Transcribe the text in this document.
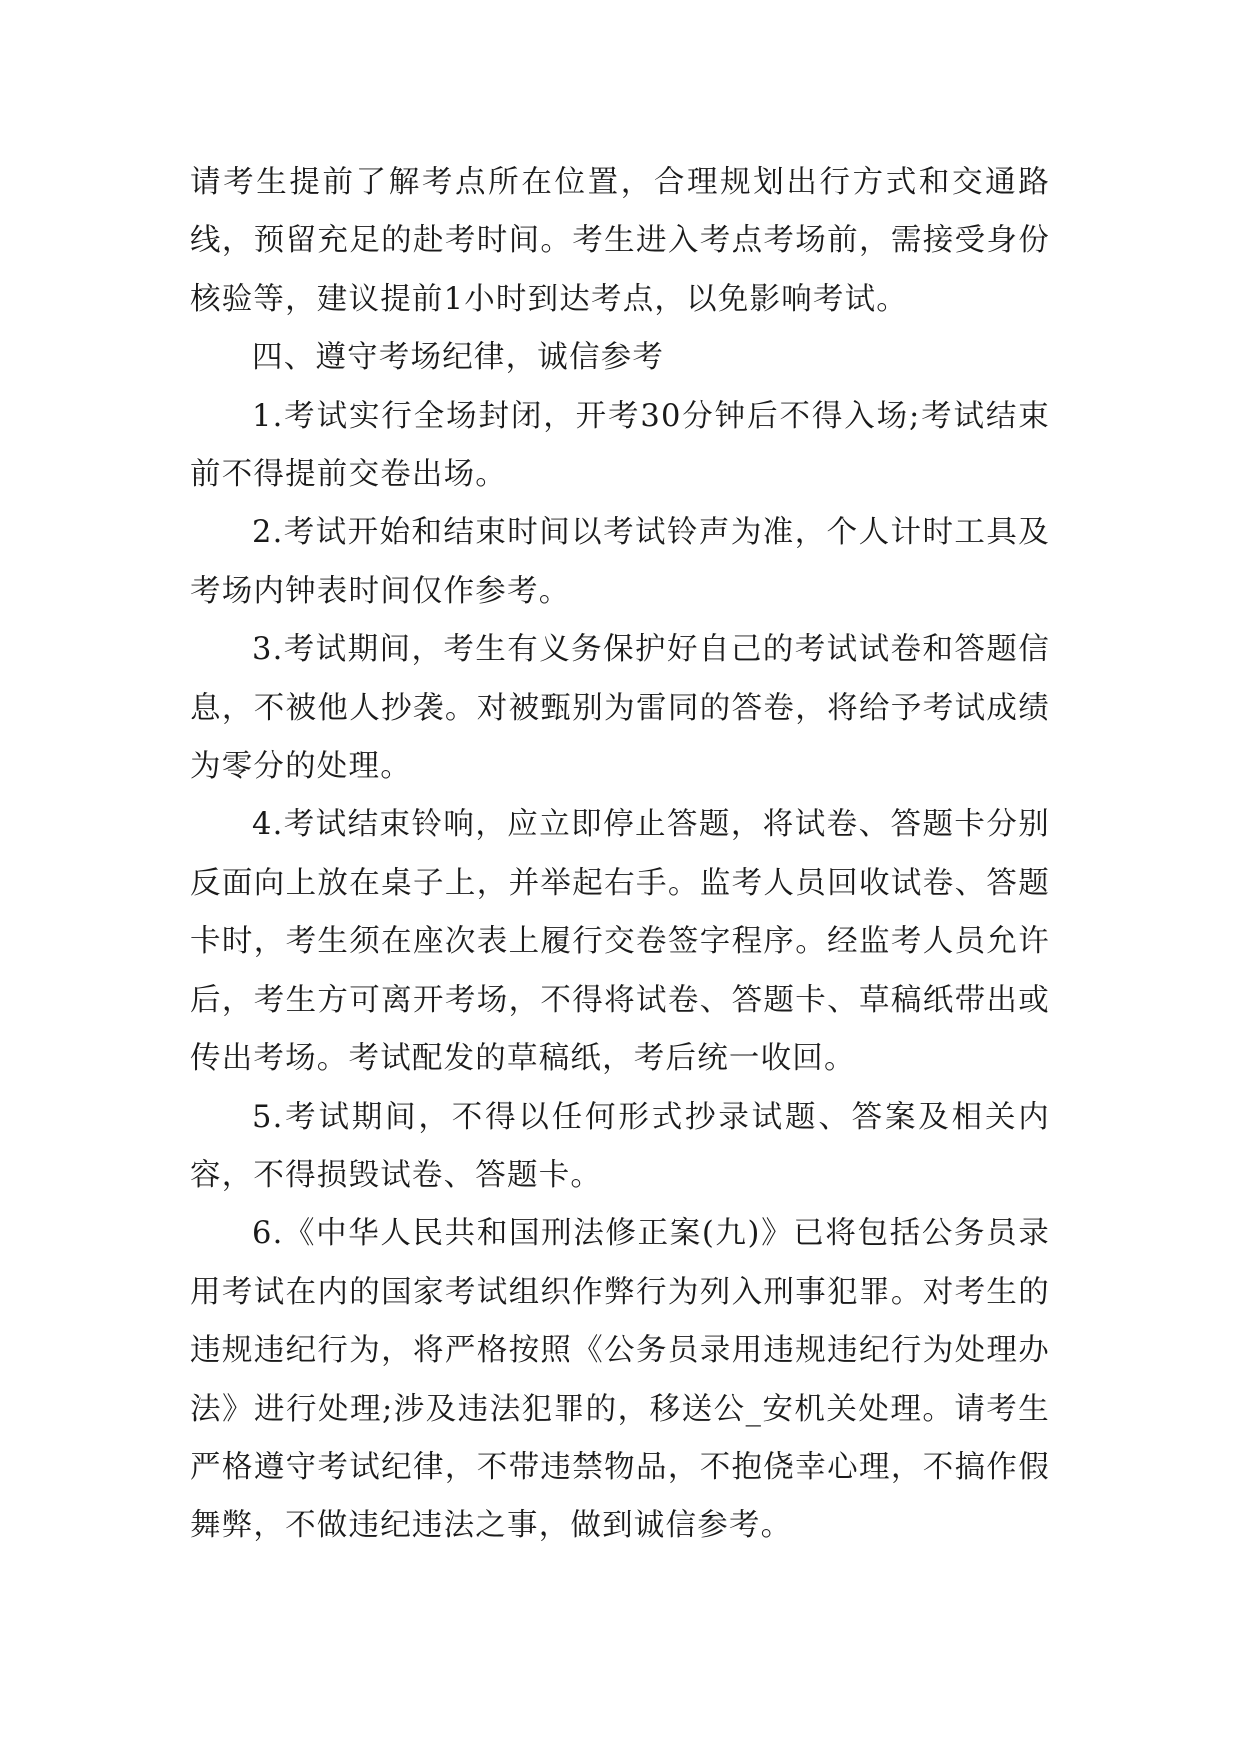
请考生提前了解考点所在位置，合理规划出行方式和交通路线，预留充足的赴考时间。考生进入考点考场前，需接受身份核验等，建议提前1小时到达考点，以免影响考试。

四、遵守考场纪律，诚信参考

1.考试实行全场封闭，开考30分钟后不得入场;考试结束前不得提前交卷出场。

2.考试开始和结束时间以考试铃声为准，个人计时工具及考场内钟表时间仅作参考。

3.考试期间，考生有义务保护好自己的考试试卷和答题信息，不被他人抄袭。对被甄别为雷同的答卷，将给予考试成绩为零分的处理。

4.考试结束铃响，应立即停止答题，将试卷、答题卡分别反面向上放在桌子上，并举起右手。监考人员回收试卷、答题卡时，考生须在座次表上履行交卷签字程序。经监考人员允许后，考生方可离开考场，不得将试卷、答题卡、草稿纸带出或传出考场。考试配发的草稿纸，考后统一收回。

5.考试期间，不得以任何形式抄录试题、答案及相关内容，不得损毁试卷、答题卡。

6.《中华人民共和国刑法修正案(九)》已将包括公务员录用考试在内的国家考试组织作弊行为列入刑事犯罪。对考生的违规违纪行为，将严格按照《公务员录用违规违纪行为处理办法》进行处理;涉及违法犯罪的，移送公_安机关处理。请考生严格遵守考试纪律，不带违禁物品，不抱侥幸心理，不搞作假舞弊，不做违纪违法之事，做到诚信参考。
